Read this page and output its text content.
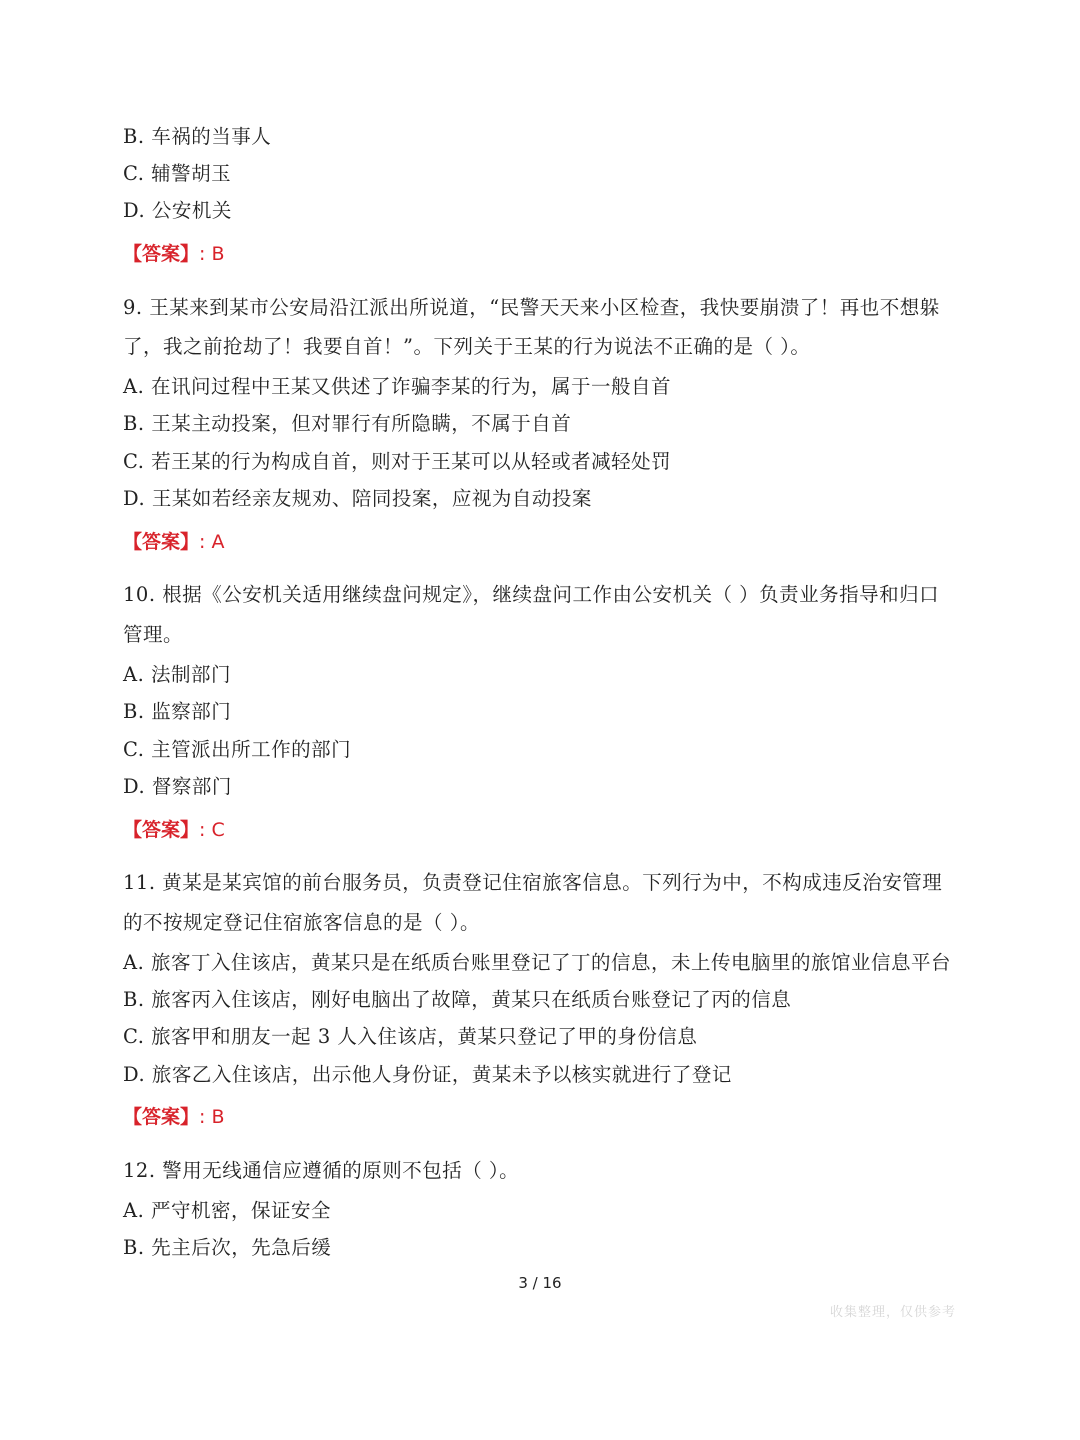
B. 车祸的当事人
C. 辅警胡玉
D. 公安机关
【答案】: B
9. 王某来到某市公安局沿江派出所说道，“民警天天来小区检查，我快要崩溃了！再也不想躲
了，我之前抢劫了！我要自首！”。下列关于王某的行为说法不正确的是（ ）。
A. 在讯问过程中王某又供述了诈骗李某的行为，属于一般自首
B. 王某主动投案，但对罪行有所隐瞒，不属于自首
C. 若王某的行为构成自首，则对于王某可以从轻或者减轻处罚
D. 王某如若经亲友规劝、陪同投案，应视为自动投案
【答案】: A
10. 根据《公安机关适用继续盘问规定》，继续盘问工作由公安机关（ ）负责业务指导和归口
管理。
A. 法制部门
B. 监察部门
C. 主管派出所工作的部门
D. 督察部门
【答案】: C
11. 黄某是某宾馆的前台服务员，负责登记住宿旅客信息。下列行为中，不构成违反治安管理
的不按规定登记住宿旅客信息的是（ ）。
A. 旅客丁入住该店，黄某只是在纸质台账里登记了丁的信息，未上传电脑里的旅馆业信息平台
B. 旅客丙入住该店，刚好电脑出了故障，黄某只在纸质台账登记了丙的信息
C. 旅客甲和朋友一起 3 人入住该店，黄某只登记了甲的身份信息
D. 旅客乙入住该店，出示他人身份证，黄某未予以核实就进行了登记
【答案】: B
12. 警用无线通信应遵循的原则不包括（ ）。
A. 严守机密，保证安全
B. 先主后次，先急后缓
3 / 16
收集整理，仅供参考
